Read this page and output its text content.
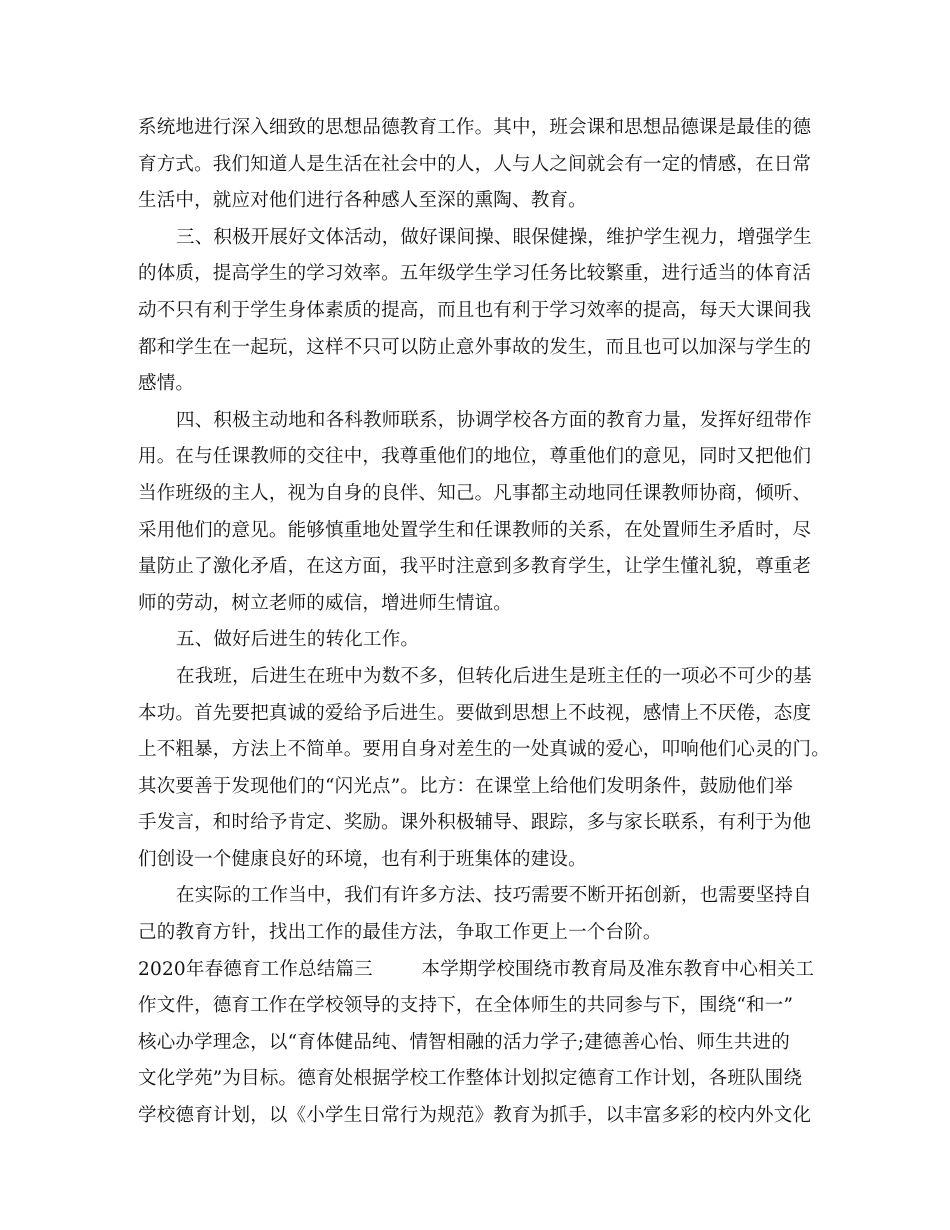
系统地进行深入细致的思想品德教育工作。其中，班会课和思想品德课是最佳的德
育方式。我们知道人是生活在社会中的人，人与人之间就会有一定的情感，在日常
生活中，就应对他们进行各种感人至深的熏陶、教育。
三、积极开展好文体活动，做好课间操、眼保健操，维护学生视力，增强学生
的体质，提高学生的学习效率。五年级学生学习任务比较繁重，进行适当的体育活
动不只有利于学生身体素质的提高，而且也有利于学习效率的提高，每天大课间我
都和学生在一起玩，这样不只可以防止意外事故的发生，而且也可以加深与学生的
感情。
四、积极主动地和各科教师联系，协调学校各方面的教育力量，发挥好纽带作
用。在与任课教师的交往中，我尊重他们的地位，尊重他们的意见，同时又把他们
当作班级的主人，视为自身的良伴、知己。凡事都主动地同任课教师协商，倾听、
采用他们的意见。能够慎重地处置学生和任课教师的关系，在处置师生矛盾时，尽
量防止了激化矛盾，在这方面，我平时注意到多教育学生，让学生懂礼貌，尊重老
师的劳动，树立老师的威信，增进师生情谊。
五、做好后进生的转化工作。
在我班，后进生在班中为数不多，但转化后进生是班主任的一项必不可少的基
本功。首先要把真诚的爱给予后进生。要做到思想上不歧视，感情上不厌倦，态度
上不粗暴，方法上不简单。要用自身对差生的一处真诚的爱心，叩响他们心灵的门。
其次要善于发现他们的“闪光点”。比方：在课堂上给他们发明条件，鼓励他们举
手发言，和时给予肯定、奖励。课外积极辅导、跟踪，多与家长联系，有利于为他
们创设一个健康良好的环境，也有利于班集体的建设。
在实际的工作当中，我们有许多方法、技巧需要不断开拓创新，也需要坚持自
己的教育方针，找出工作的最佳方法，争取工作更上一个台阶。
2020年春德育工作总结篇三        本学期学校围绕市教育局及准东教育中心相关工
作文件，德育工作在学校领导的支持下，在全体师生的共同参与下，围绕“和一”
核心办学理念，以“育体健品纯、情智相融的活力学子;建德善心怡、师生共进的
文化学苑”为目标。德育处根据学校工作整体计划拟定德育工作计划，各班队围绕
学校德育计划，以《小学生日常行为规范》教育为抓手，以丰富多彩的校内外文化
